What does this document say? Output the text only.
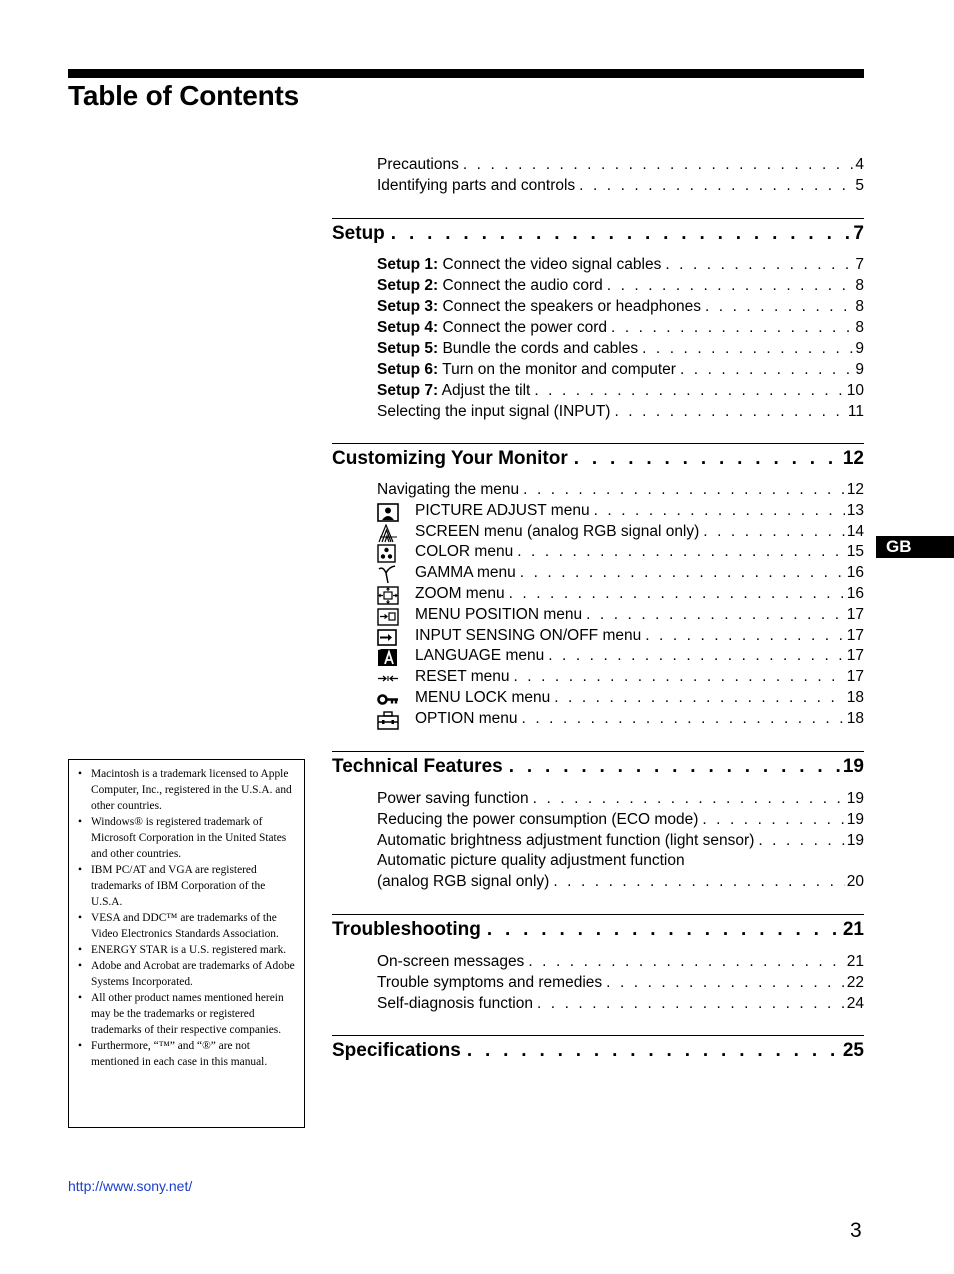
Table of Contents
Precautions . . .	4
Identifying parts and controls . . .	5
Setup . . .	7
Setup 1: Connect the video signal cables . . .	7
Setup 2: Connect the audio cord . . .	8
Setup 3: Connect the speakers or headphones . . .	8
Setup 4: Connect the power cord . . .	8
Setup 5: Bundle the cords and cables . . .	9
Setup 6: Turn on the monitor and computer . . .	9
Setup 7: Adjust the tilt . . .	10
Selecting the input signal (INPUT) . . .	11
Customizing Your Monitor . . .	12
Navigating the menu . . .	12
PICTURE ADJUST menu . . .	13
SCREEN menu (analog RGB signal only) . . .	14
COLOR menu . . .	15
GAMMA menu . . .	16
ZOOM menu . . .	16
MENU POSITION menu . . .	17
INPUT SENSING ON/OFF menu . . .	17
LANGUAGE menu . . .	17
RESET menu . . .	17
MENU LOCK menu . . .	18
OPTION menu . . .	18
Technical Features . . .	19
Power saving function . . .	19
Reducing the power consumption (ECO mode) . . .	19
Automatic brightness adjustment function (light sensor) . . .	19
Automatic picture quality adjustment function
(analog RGB signal only) . . .	20
Troubleshooting . . .	21
On-screen messages . . .	21
Trouble symptoms and remedies . . .	22
Self-diagnosis function . . .	24
Specifications . . .	25
GB
• Macintosh is a trademark licensed to Apple Computer, Inc., registered in the U.S.A. and other countries.
• Windows® is registered trademark of Microsoft Corporation in the United States and other countries.
• IBM PC/AT and VGA are registered trademarks of IBM Corporation of the U.S.A.
• VESA and DDC™ are trademarks of the Video Electronics Standards Association.
• ENERGY STAR is a U.S. registered mark.
• Adobe and Acrobat are trademarks of Adobe Systems Incorporated.
• All other product names mentioned herein may be the trademarks or registered trademarks of their respective companies.
• Furthermore, “™” and “®” are not mentioned in each case in this manual.
http://www.sony.net/
3
